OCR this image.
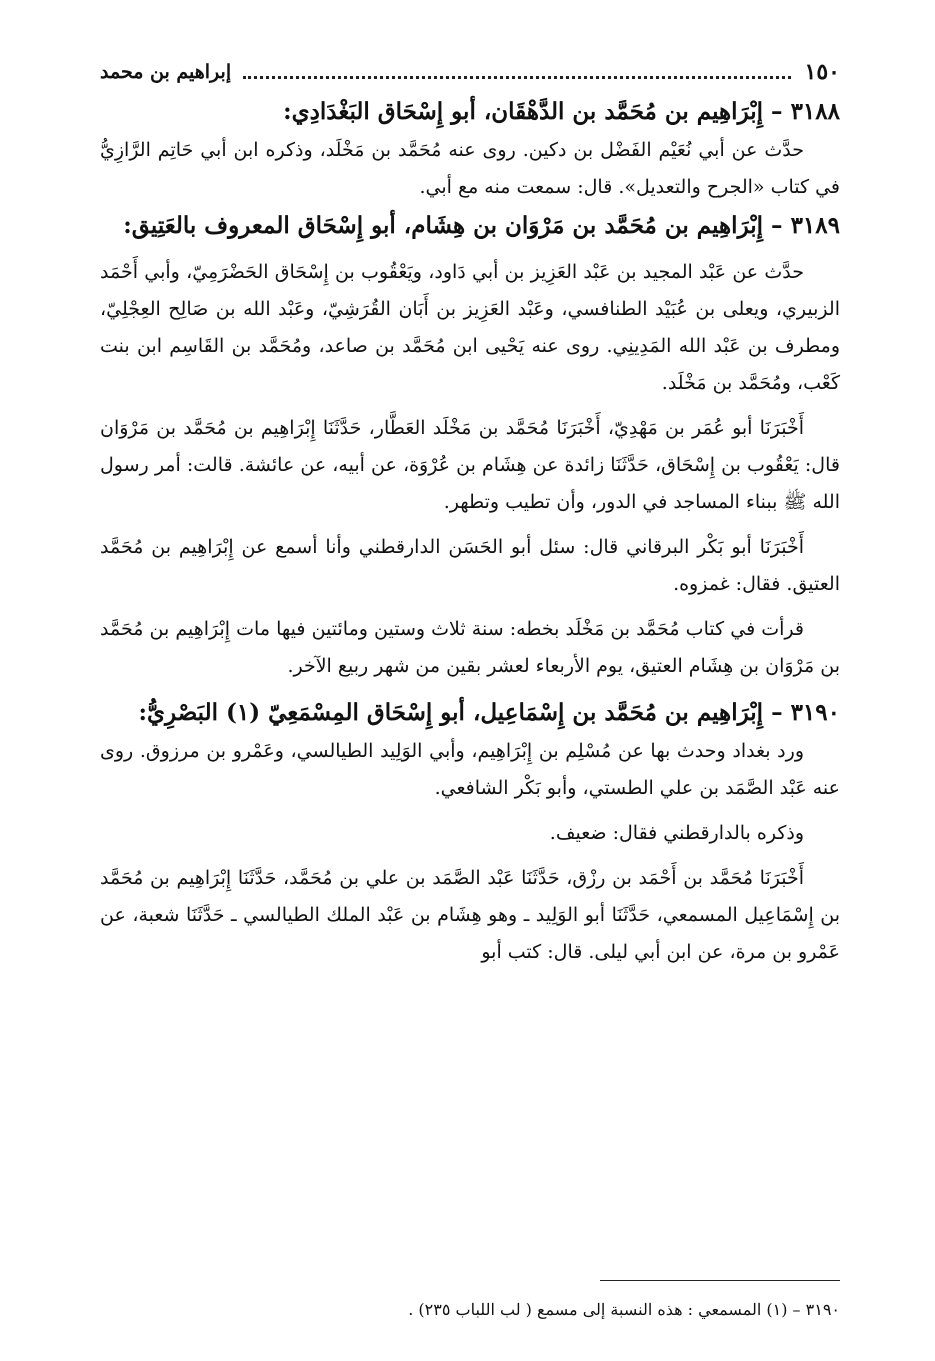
١٥٠
إبراهيم بن محمد
٣١٨٨ – إِبْرَاهِيم بن مُحَمَّد بن الدَّهْقَان، أبو إِسْحَاق البَغْدَادِي:

حدَّث عن أبي نُعَيْم الفَضْل بن دكين. روى عنه مُحَمَّد بن مَخْلَد، وذكره ابن أبي حَاتِم الرَّازِيُّ في كتاب «الجرح والتعديل». قال: سمعت منه مع أبي.

٣١٨٩ – إِبْرَاهِيم بن مُحَمَّد بن مَرْوَان بن هِشَام، أبو إِسْحَاق المعروف بالعَتِيق:

حدَّث عن عَبْد المجيد بن عَبْد العَزِيز بن أبي دَاود، ويَعْقُوب بن إِسْحَاق الحَضْرَمِيّ، وأبي أَحْمَد الزبيري، ويعلى بن عُبَيْد الطنافسي، وعَبْد العَزِيز بن أَبَان القُرَشِيّ، وعَبْد الله بن صَالِح العِجْلِيّ، ومطرف بن عَبْد الله المَدِينِي. روى عنه يَحْيى ابن مُحَمَّد بن صاعد، ومُحَمَّد بن القَاسِم ابن بنت كَعْب، ومُحَمَّد بن مَخْلَد.

أَخْبَرَنَا أبو عُمَر بن مَهْدِيّ، أَخْبَرَنَا مُحَمَّد بن مَخْلَد العَطَّار، حَدَّثَنَا إِبْرَاهِيم بن مُحَمَّد بن مَرْوَان قال: يَعْقُوب بن إِسْحَاق، حَدَّثَنَا زائدة عن هِشَام بن عُرْوَة، عن أبيه، عن عائشة. قالت: أمر رسول الله ﷺ ببناء المساجد في الدور، وأن تطيب وتطهر.

أَخْبَرَنَا أبو بَكْر البرقاني قال: سئل أبو الحَسَن الدارقطني وأنا أسمع عن إِبْرَاهِيم بن مُحَمَّد العتيق. فقال: غمزوه.

قرأت في كتاب مُحَمَّد بن مَخْلَد بخطه: سنة ثلاث وستين ومائتين فيها مات إِبْرَاهِيم بن مُحَمَّد بن مَرْوَان بن هِشَام العتيق، يوم الأربعاء لعشر بقين من شهر ربيع الآخر.

٣١٩٠ – إِبْرَاهِيم بن مُحَمَّد بن إِسْمَاعِيل، أبو إِسْحَاق المِسْمَعِيّ (١) البَصْرِيُّ:

ورد بغداد وحدث بها عن مُسْلِم بن إِبْرَاهِيم، وأبي الوَلِيد الطيالسي، وعَمْرو بن مرزوق. روى عنه عَبْد الصَّمَد بن علي الطستي، وأبو بَكْر الشافعي.

وذكره بالدارقطني فقال: ضعيف.

أَخْبَرَنَا مُحَمَّد بن أَحْمَد بن رزْق، حَدَّثَنَا عَبْد الصَّمَد بن علي بن مُحَمَّد، حَدَّثَنَا إِبْرَاهِيم بن مُحَمَّد بن إِسْمَاعِيل المسمعي، حَدَّثَنَا أبو الوَلِيد ـ وهو هِشَام بن عَبْد الملك الطيالسي ـ حَدَّثَنَا شعبة، عن عَمْرو بن مرة، عن ابن أبي ليلى. قال: كتب أبو

٣١٩٠ – (١) المسمعي : هذه النسبة إلى مسمع ( لب اللباب ٢٣٥) .
